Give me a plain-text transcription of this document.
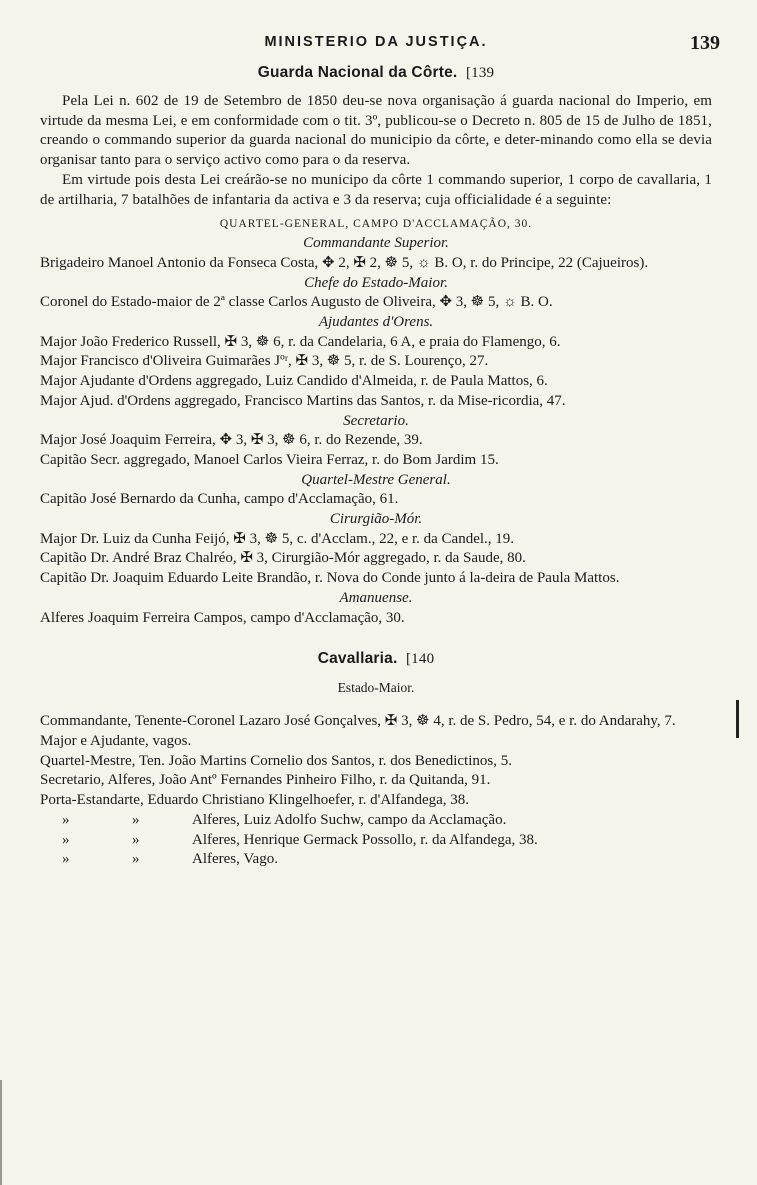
MINISTERIO DA JUSTIÇA.	139
Guarda Nacional da Côrte. [139

Pela Lei n. 602 de 19 de Setembro de 1850 deu-se nova organisação á guarda nacional do Imperio, em virtude da mesma Lei, e em conformidade com o tit. 3º, publicou-se o Decreto n. 805 de 15 de Julho de 1851, creando o commando superior da guarda nacional do municipio da côrte, e deter-minando como ella se devia organisar tanto para o serviço activo como para o da reserva.

Em virtude pois desta Lei creárão-se no municipo da côrte 1 commando superior, 1 corpo de cavallaria, 1 de artilharia, 7 batalhões de infantaria da activa e 3 da reserva; cuja officialidade é a seguinte:

QUARTEL-GENERAL, CAMPO D'ACCLAMAÇÃO, 30.
Commandante Superior.

Brigadeiro Manoel Antonio da Fonseca Costa, ✥ 2, ✠ 2, ☸ 5, ☼ B. O, r. do Principe, 22 (Cajueiros).

Chefe do Estado-Maior.

Coronel do Estado-maior de 2ª classe Carlos Augusto de Oliveira, ✥ 3, ☸ 5, ☼ B. O.

Ajudantes d'Orens.

Major João Frederico Russell, ✠ 3, ☸ 6, r. da Candelaria, 6 A, e praia do Flamengo, 6.

Major Francisco d'Oliveira Guimarães Jºʳ, ✠ 3, ☸ 5, r. de S. Lourenço, 27.

Major Ajudante d'Ordens aggregado, Luiz Candido d'Almeida, r. de Paula Mattos, 6.

Major Ajud. d'Ordens aggregado, Francisco Martins das Santos, r. da Mise-ricordia, 47.

Secretario.

Major José Joaquim Ferreira, ✥ 3, ✠ 3, ☸ 6, r. do Rezende, 39.

Capitão Secr. aggregado, Manoel Carlos Vieira Ferraz, r. do Bom Jardim 15.

Quartel-Mestre General.

Capitão José Bernardo da Cunha, campo d'Acclamação, 61.

Cirurgião-Mór.

Major Dr. Luiz da Cunha Feijó, ✠ 3, ☸ 5, c. d'Acclam., 22, e r. da Candel., 19.

Capitão Dr. André Braz Chalréo, ✠ 3, Cirurgião-Mór aggregado, r. da Saude, 80.

Capitão Dr. Joaquim Eduardo Leite Brandão, r. Nova do Conde junto á la-deira de Paula Mattos.

Amanuense.

Alferes Joaquim Ferreira Campos, campo d'Acclamação, 30.

Cavallaria. [140
Estado-Maior.

Commandante, Tenente-Coronel Lazaro José Gonçalves, ✠ 3, ☸ 4, r. de S. Pedro, 54, e r. do Andarahy, 7.

Major e Ajudante, vagos.

Quartel-Mestre, Ten. João Martins Cornelio dos Santos, r. dos Benedictinos, 5.

Secretario, Alferes, João Antº Fernandes Pinheiro Filho, r. da Quitanda, 91.

Porta-Estandarte, Eduardo Christiano Klingelhoefer, r. d'Alfandega, 38.

»	»	Alferes, Luiz Adolfo Suchw, campo da Acclamação.
»	»	Alferes, Henrique Germack Possollo, r. da Alfandega, 38.
»	»	Alferes, Vago.
